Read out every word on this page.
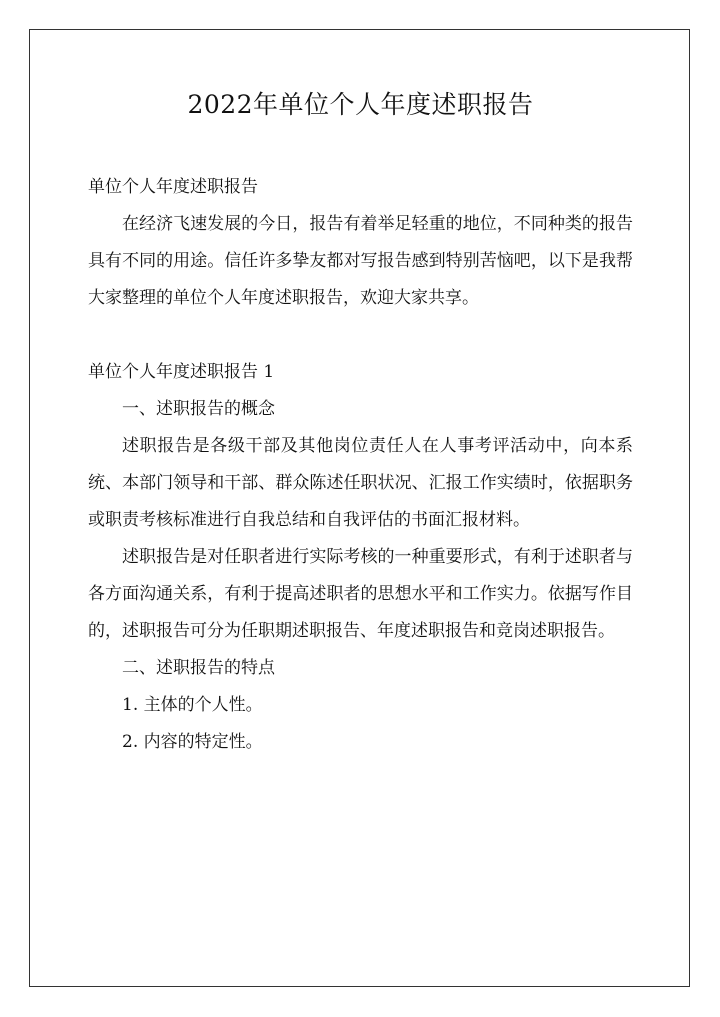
2022年单位个人年度述职报告

单位个人年度述职报告

在经济飞速发展的今日，报告有着举足轻重的地位，不同种类的报告具有不同的用途。信任许多挚友都对写报告感到特别苦恼吧，以下是我帮大家整理的单位个人年度述职报告，欢迎大家共享。

单位个人年度述职报告 1

一、述职报告的概念

述职报告是各级干部及其他岗位责任人在人事考评活动中，向本系统、本部门领导和干部、群众陈述任职状况、汇报工作实绩时，依据职务或职责考核标准进行自我总结和自我评估的书面汇报材料。

述职报告是对任职者进行实际考核的一种重要形式，有利于述职者与各方面沟通关系，有利于提高述职者的思想水平和工作实力。依据写作目的，述职报告可分为任职期述职报告、年度述职报告和竞岗述职报告。

二、述职报告的特点

1. 主体的个人性。

2. 内容的特定性。
